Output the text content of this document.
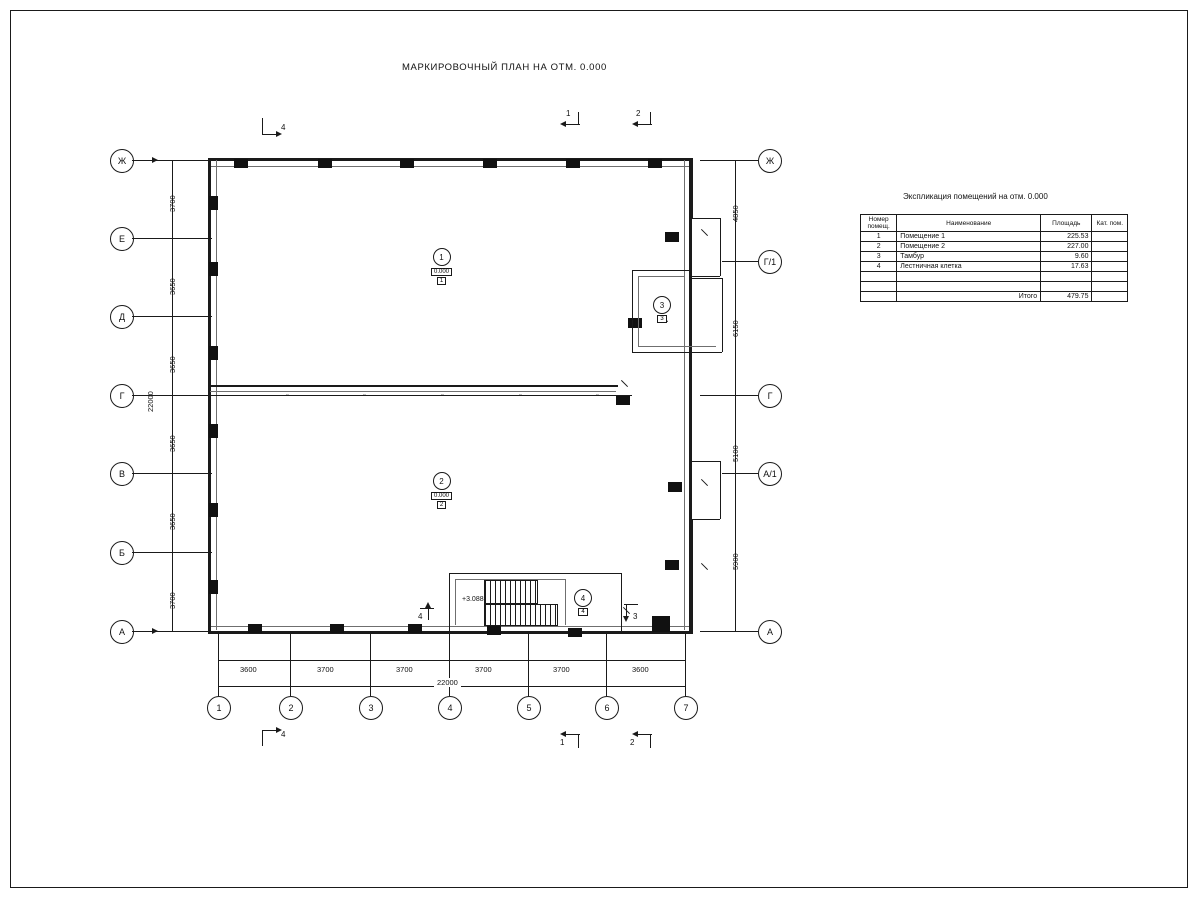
МАРКИРОВОЧНЫЙ ПЛАН НА ОТМ. 0.000
+3.088
1
0.000
1
2
0.000
2
3
3
4
4
Ж
Е
Д
Г
В
Б
А
Ж
Г/1
Г
А/1
А
1	2	3	4	5	6	7
3700
3650
3650
3650
3650
3700
22000
4850
6150
5100
5900
3600	3700	3700	3700	3700	3600
22000
4
1	2
4
1	2
4	3
Экспликация помещений на отм. 0.000
Номер помещ.	Наименование	Площадь	Кат. пом.
1	Помещение 1	225.53	
2	Помещение 2	227.00	
3	Тамбур	9.60	
4	Лестничная клетка	17.63	

	Итого	479.75	
